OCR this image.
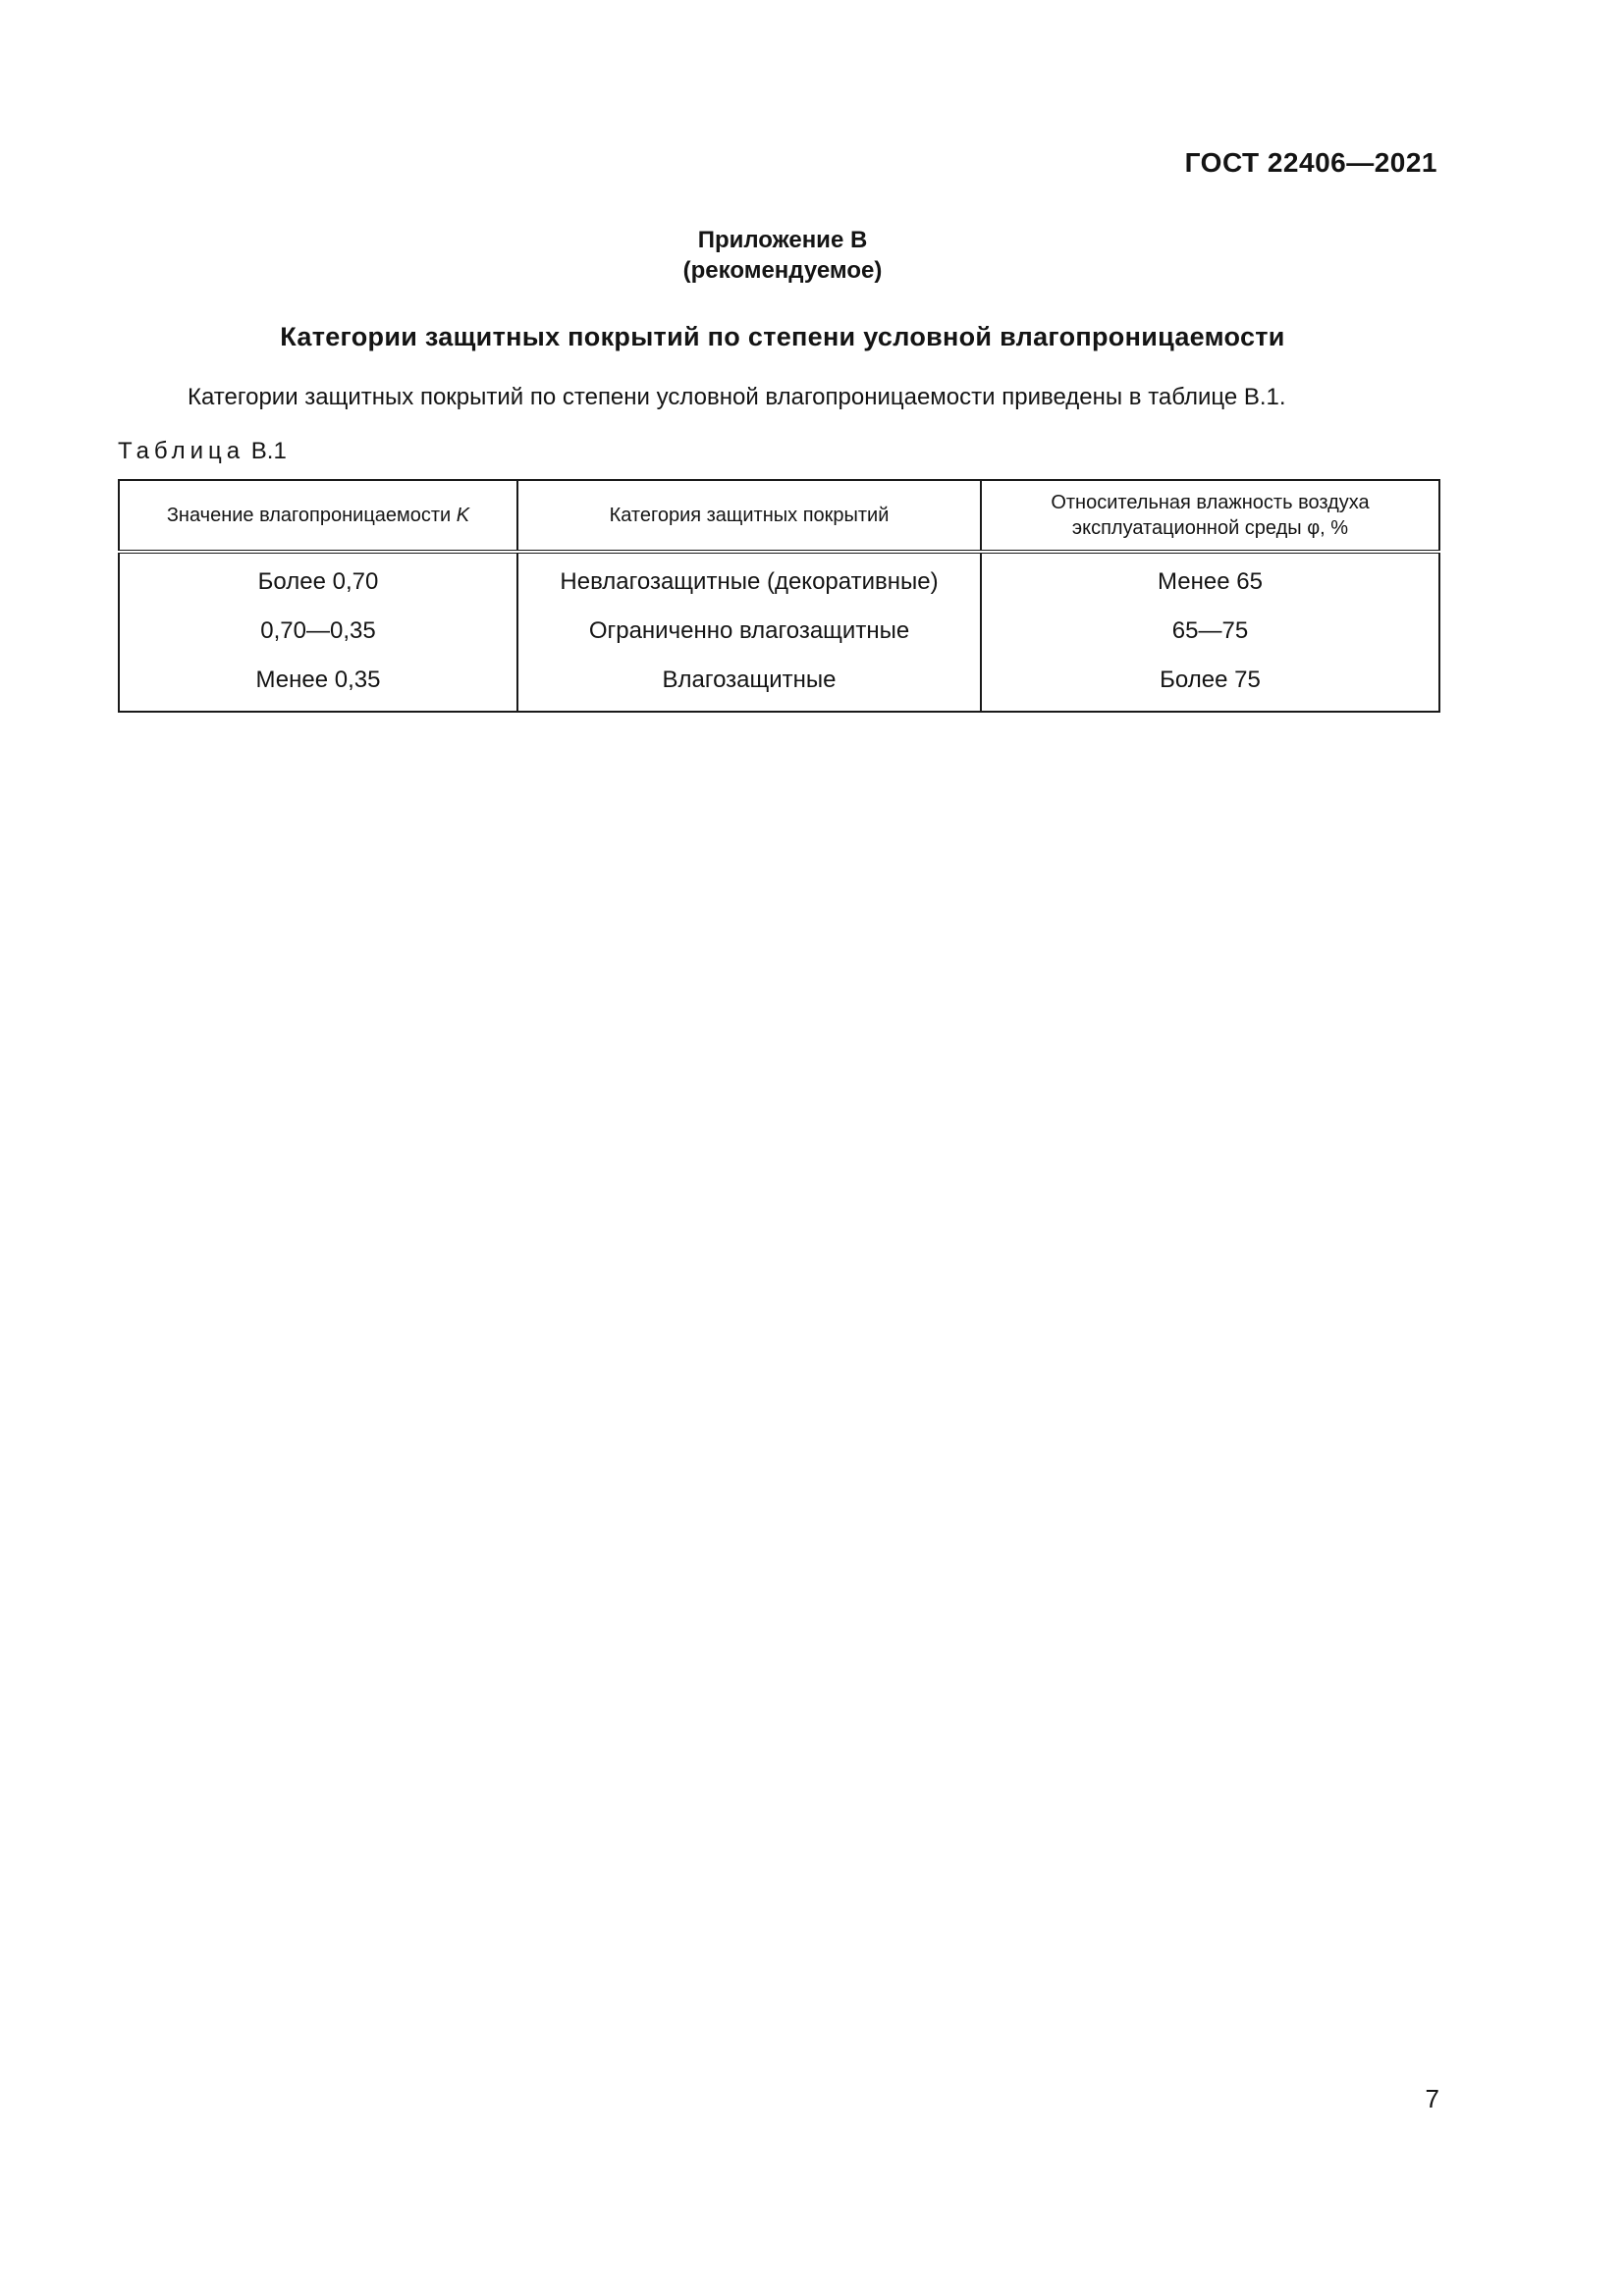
ГОСТ 22406—2021
Приложение В
(рекомендуемое)
Категории защитных покрытий по степени условной влагопроницаемости
Категории защитных покрытий по степени условной влагопроницаемости приведены в таблице В.1.
Таблица В.1
Значение влагопроницаемости K	Категория защитных покрытий	Относительная влажность воздуха
эксплуатационной среды φ, %

Более 0,70	Невлагозащитные (декоративные)	Менее 65
0,70—0,35	Ограниченно влагозащитные	65—75
Менее 0,35	Влагозащитные	Более 75
7
